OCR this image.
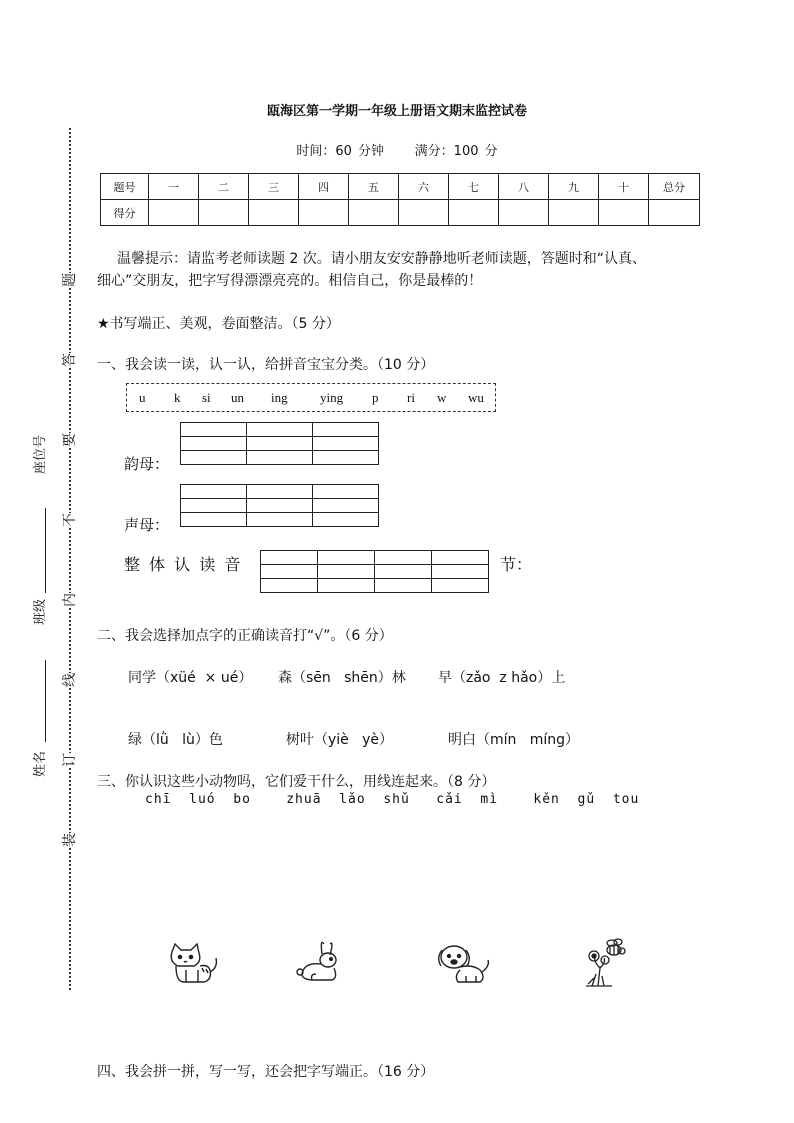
题
答
要
不
内
线
订
装
座位号
班级
姓名
瓯海区第一学期一年级上册语文期末监控试卷
时间：60 分钟     满分：100 分
题号	一	二	三	四	五	六	七	八	九	十	总分
得分											
温馨提示：请监考老师读题 2 次。请小朋友安安静静地听老师读题，答题时和“认真、
细心”交朋友，把字写得漂漂亮亮的。相信自己，你是最棒的！
★书写端正、美观，卷面整洁。（5 分）
一、我会读一读，认一认，给拼音宝宝分类。（10 分）
u k si un ing ying p ri w wu
韵母：

声母：

整 体 认 读 音

				节：
二、我会选择加点字的正确读音打“√”。（6 分）
同学（xüé  × ué） 森（sēn   shēn）林 早（zǎo  z hǎo）上
绿（lǜ   lù）色	树叶（yiè   yè）	明白（mín   míng）
三、你认识这些小动物吗，它们爱干什么，用线连起来。（8 分）
chī  luó  bo    zhuā  lǎo  shǔ   cǎi  mì    kěn  gǔ  tou
四、我会拼一拼，写一写，还会把字写端正。（16 分）
